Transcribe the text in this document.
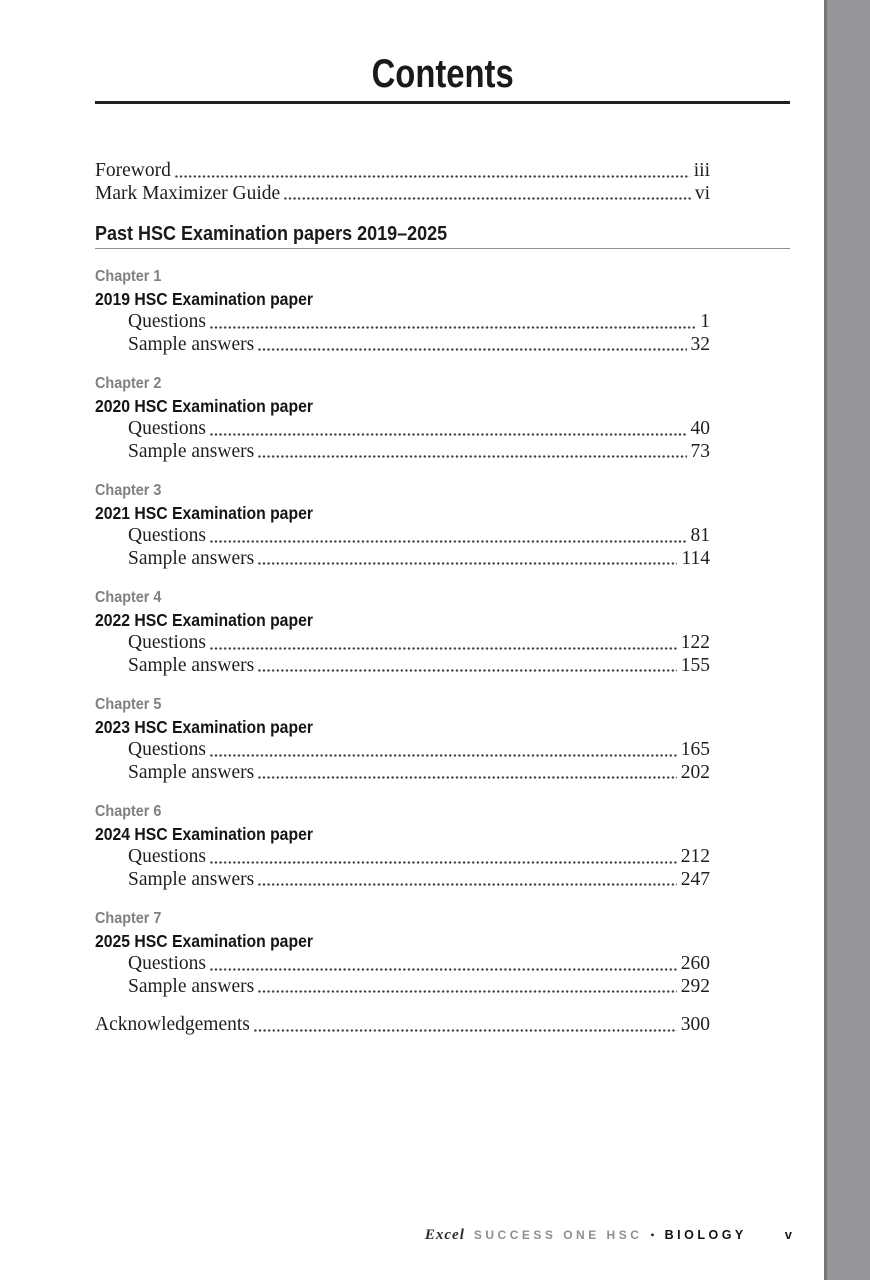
Contents
Foreword	iii
Mark Maximizer Guide	vi
Past HSC Examination papers 2019–2025
Chapter 1
2019 HSC Examination paper
Questions	1
Sample answers	32
Chapter 2
2020 HSC Examination paper
Questions	40
Sample answers	73
Chapter 3
2021 HSC Examination paper
Questions	81
Sample answers	114
Chapter 4
2022 HSC Examination paper
Questions	122
Sample answers	155
Chapter 5
2023 HSC Examination paper
Questions	165
Sample answers	202
Chapter 6
2024 HSC Examination paper
Questions	212
Sample answers	247
Chapter 7
2025 HSC Examination paper
Questions	260
Sample answers	292
Acknowledgements	300
Excel SUCCESS ONE HSC • BIOLOGY	v
